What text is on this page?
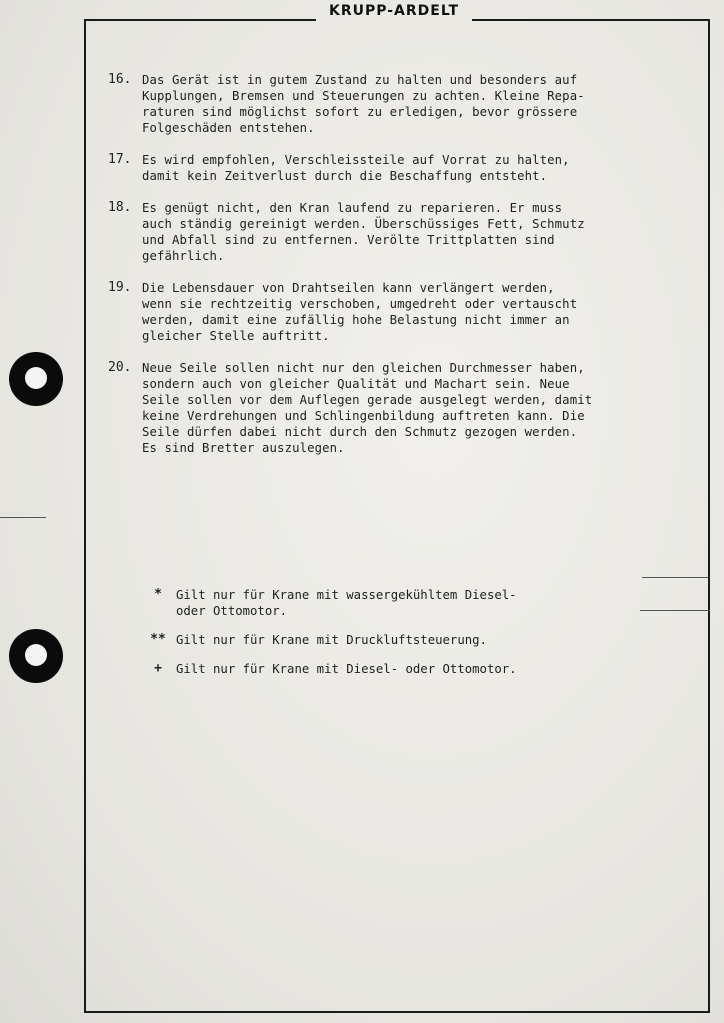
KRUPP-ARDELT
16. Das Gerät ist in gutem Zustand zu halten und besonders auf
Kupplungen, Bremsen und Steuerungen zu achten. Kleine Repa-
raturen sind möglichst sofort zu erledigen, bevor grössere
Folgeschäden entstehen.
17. Es wird empfohlen, Verschleissteile auf Vorrat zu halten,
damit kein Zeitverlust durch die Beschaffung entsteht.
18. Es genügt nicht, den Kran laufend zu reparieren. Er muss
auch ständig gereinigt werden. Überschüssiges Fett, Schmutz
und Abfall sind zu entfernen. Verölte Trittplatten sind
gefährlich.
19. Die Lebensdauer von Drahtseilen kann verlängert werden,
wenn sie rechtzeitig verschoben, umgedreht oder vertauscht
werden, damit eine zufällig hohe Belastung nicht immer an
gleicher Stelle auftritt.
20. Neue Seile sollen nicht nur den gleichen Durchmesser haben,
sondern auch von gleicher Qualität und Machart sein. Neue
Seile sollen vor dem Auflegen gerade ausgelegt werden, damit
keine Verdrehungen und Schlingenbildung auftreten kann. Die
Seile dürfen dabei nicht durch den Schmutz gezogen werden.
Es sind Bretter auszulegen.
*	Gilt nur für Krane mit wassergekühltem Diesel-
oder Ottomotor.
** Gilt nur für Krane mit Druckluftsteuerung.
+	Gilt nur für Krane mit Diesel- oder Ottomotor.
